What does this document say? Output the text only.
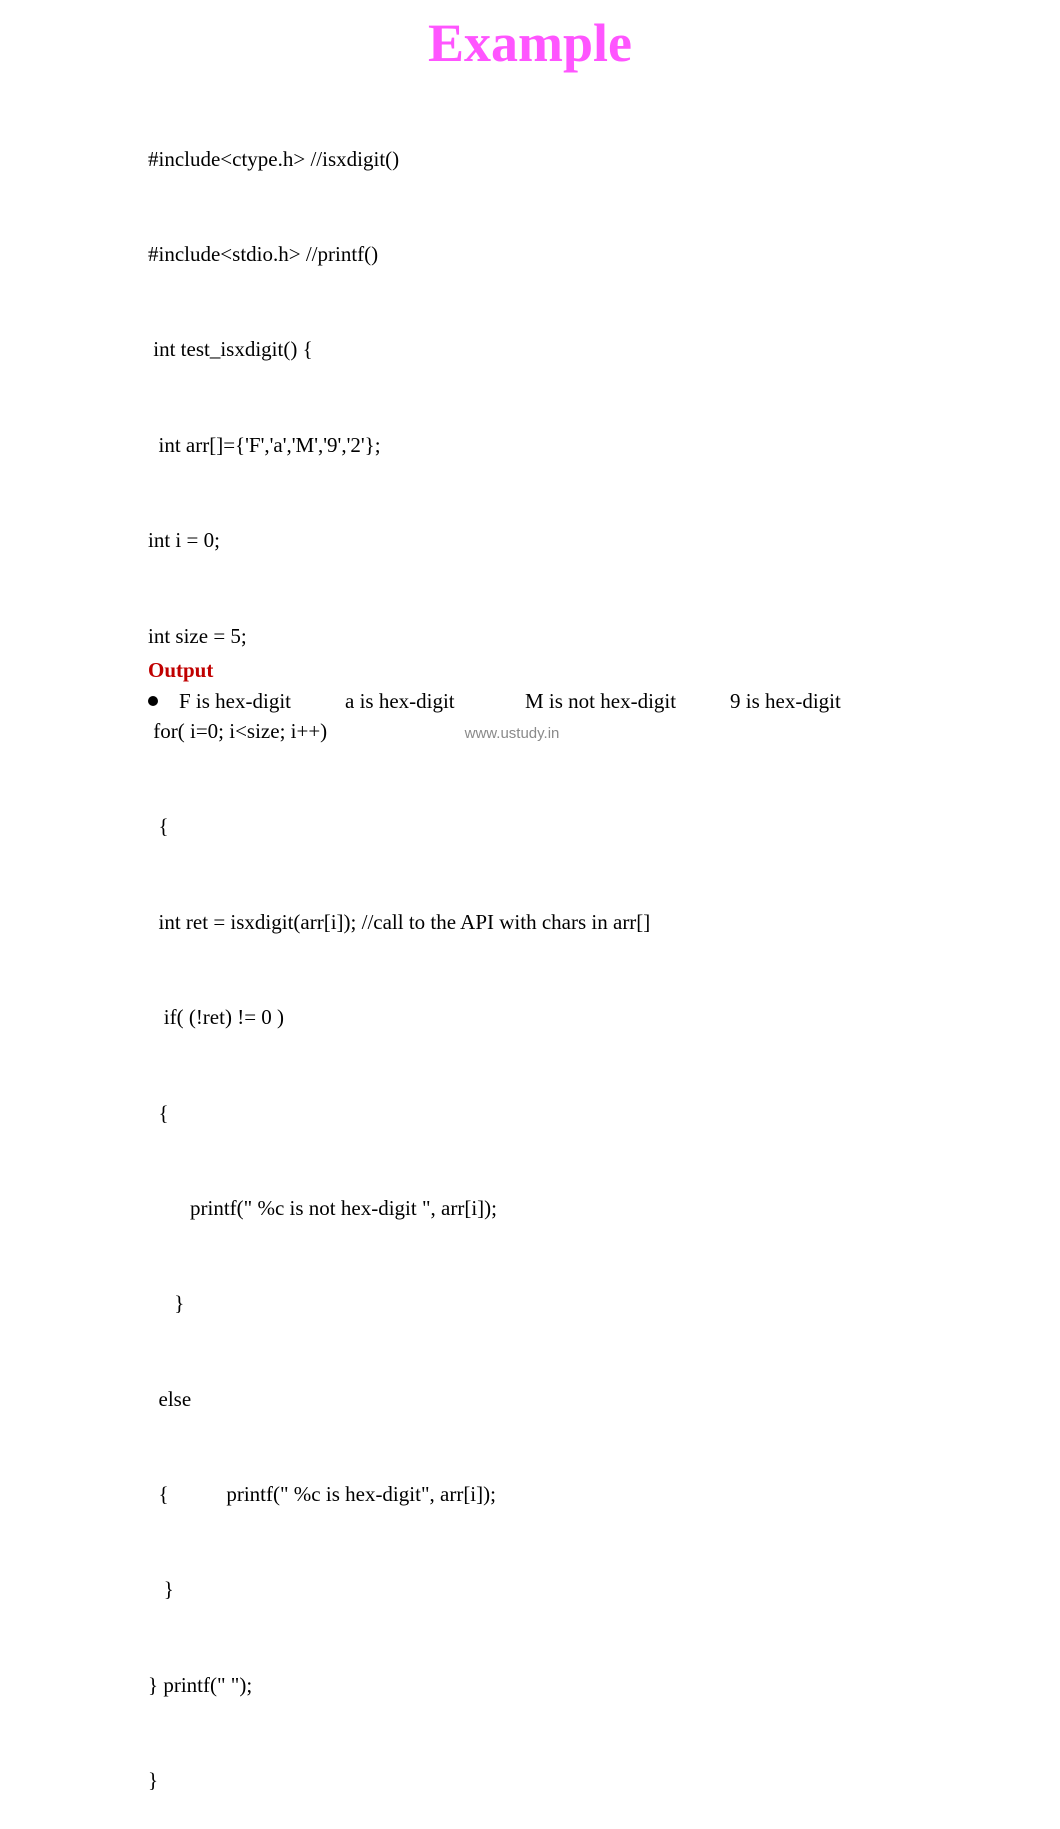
Example

#include<ctype.h> //isxdigit()

#include<stdio.h> //printf()

int test_isxdigit() {

int arr[]={'F','a','M','9','2'};

int i = 0;

int size = 5;

for( i=0; i<size; i++)

{

int ret = isxdigit(arr[i]); //call to the API with chars in arr[]

if( (!ret) != 0 )

{

printf(" %c is not hex-digit ", arr[i]);

}

else

{           printf(" %c is hex-digit", arr[i]);

}

} printf(" ");

}

Output

F is hex-digit

	a is hex-digit

	M is not hex-digit

	9 is hex-digit

www.ustudy.in
